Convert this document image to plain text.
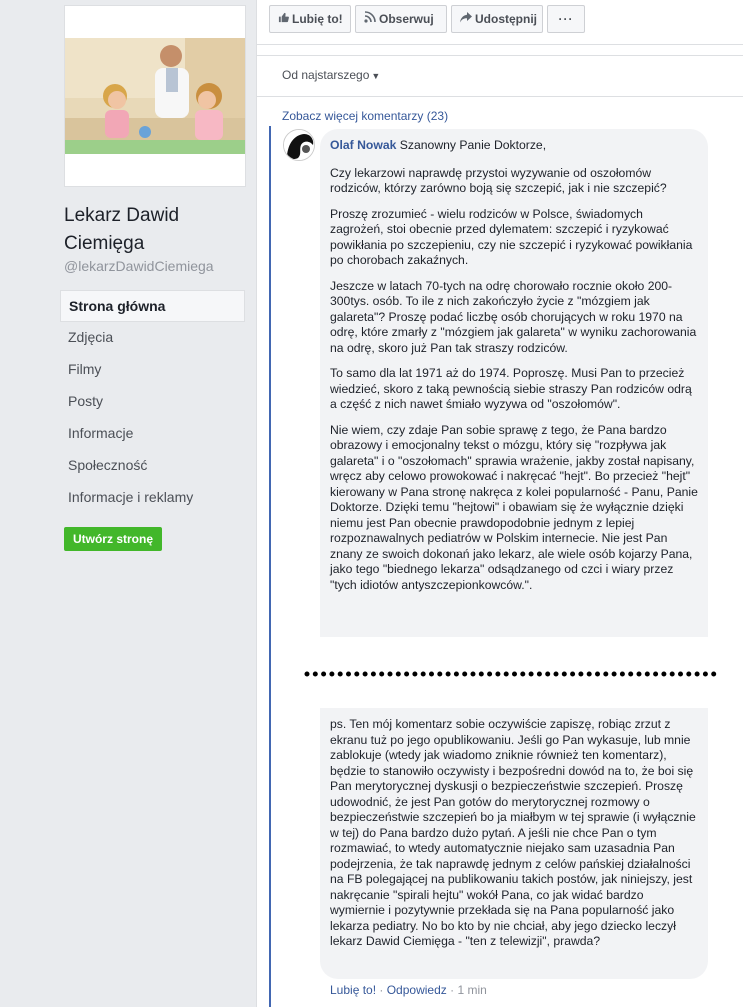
Lekarz Dawid Ciemięga
@lekarzDawidCiemiega
Strona główna
Zdjęcia
Filmy
Posty
Informacje
Społeczność
Informacje i reklamy
Utwórz stronę
Lubię to!	Obserwuj	Udostępnij	···
Od najstarszego ▼
Zobacz więcej komentarzy (23)

Olaf Nowak Szanowny Panie Doktorze,

Czy lekarzowi naprawdę przystoi wyzywanie od oszołomów rodziców, którzy zarówno boją się szczepić, jak i nie szczepić?

Proszę zrozumieć - wielu rodziców w Polsce, świadomych zagrożeń, stoi obecnie przed dylematem: szczepić i ryzykować powikłania po szczepieniu, czy nie szczepić i ryzykować powikłania po chorobach zakaźnych.

Jeszcze w latach 70-tych na odrę chorowało rocznie około 200-300tys. osób. To ile z nich zakończyło życie z "mózgiem jak galareta"? Proszę podać liczbę osób chorujących w roku 1970 na odrę, które zmarły z "mózgiem jak galareta" w wyniku zachorowania na odrę, skoro już Pan tak straszy rodziców.

To samo dla lat 1971 aż do 1974. Poproszę. Musi Pan to przecież wiedzieć, skoro z taką pewnością siebie straszy Pan rodziców odrą a część z nich nawet śmiało wyzywa od "oszołomów".

Nie wiem, czy zdaje Pan sobie sprawę z tego, że Pana bardzo obrazowy i emocjonalny tekst o mózgu, który się "rozpływa jak galareta" i o "oszołomach" sprawia wrażenie, jakby został napisany, wręcz aby celowo prowokować i nakręcać "hejt". Bo przecież "hejt" kierowany w Pana stronę nakręca z kolei popularność - Panu, Panie Doktorze. Dzięki temu "hejtowi" i obawiam się że wyłącznie dzięki niemu jest Pan obecnie prawdopodobnie jednym z lepiej rozpoznawalnych pediatrów w Polskim internecie. Nie jest Pan znany ze swoich dokonań jako lekarz, ale wiele osób kojarzy Pana, jako tego "biednego lekarza" odsądzanego od czci i wiary przez "tych idiotów antyszczepionkowców.".

ps. Ten mój komentarz sobie oczywiście zapiszę, robiąc zrzut z ekranu tuż po jego opublikowaniu. Jeśli go Pan wykasuje, lub mnie zablokuje (wtedy jak wiadomo zniknie również ten komentarz), będzie to stanowiło oczywisty i bezpośredni dowód na to, że boi się Pan merytorycznej dyskusji o bezpieczeństwie szczepień. Proszę udowodnić, że jest Pan gotów do merytorycznej rozmowy o bezpieczeństwie szczepień bo ja miałbym w tej sprawie (i wyłącznie w tej) do Pana bardzo dużo pytań. A jeśli nie chce Pan o tym rozmawiać, to wtedy automatycznie niejako sam uzasadnia Pan podejrzenia, że tak naprawdę jednym z celów pańskiej działalności na FB polegającej na publikowaniu takich postów, jak niniejszy, jest nakręcanie "spirali hejtu" wokół Pana, co jak widać bardzo wymiernie i pozytywnie przekłada się na Pana popularność jako lekarza pediatry. No bo kto by nie chciał, aby jego dziecko leczył lekarz Dawid Ciemięga - "ten z telewizji", prawda?

Lubię to! · Odpowiedz · 1 min
